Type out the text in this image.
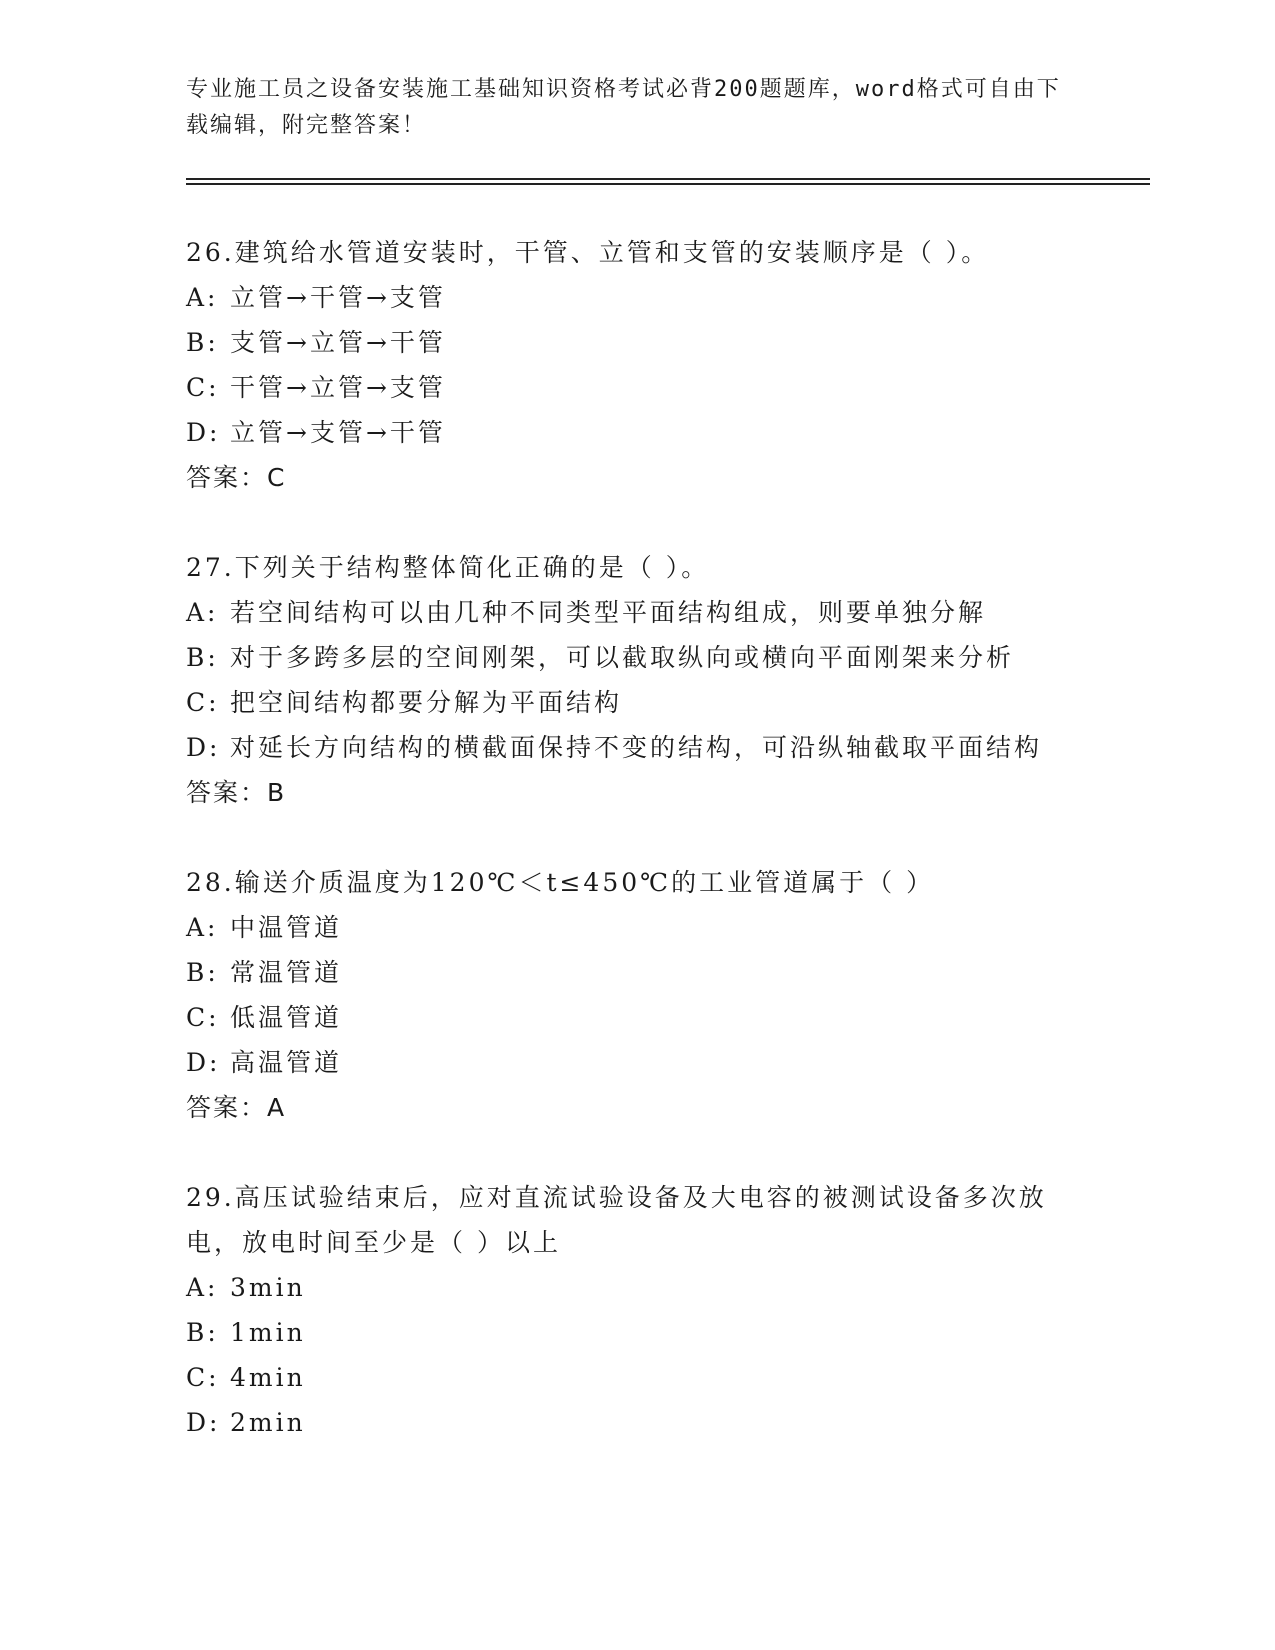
专业施工员之设备安装施工基础知识资格考试必背200题题库，word格式可自由下载编辑，附完整答案！

26.建筑给水管道安装时，干管、立管和支管的安装顺序是（ ）。

A: 立管→干管→支管
B: 支管→立管→干管
C: 干管→立管→支管
D: 立管→支管→干管
答案：C

27.下列关于结构整体简化正确的是（ ）。

A: 若空间结构可以由几种不同类型平面结构组成，则要单独分解
B: 对于多跨多层的空间刚架，可以截取纵向或横向平面刚架来分析
C: 把空间结构都要分解为平面结构
D: 对延长方向结构的横截面保持不变的结构，可沿纵轴截取平面结构
答案：B

28.输送介质温度为120℃＜t≤450℃的工业管道属于（ ）

A: 中温管道
B: 常温管道
C: 低温管道
D: 高温管道
答案：A

29.高压试验结束后，应对直流试验设备及大电容的被测试设备多次放电，放电时间至少是（ ）以上

A: 3min
B: 1min
C: 4min
D: 2min
